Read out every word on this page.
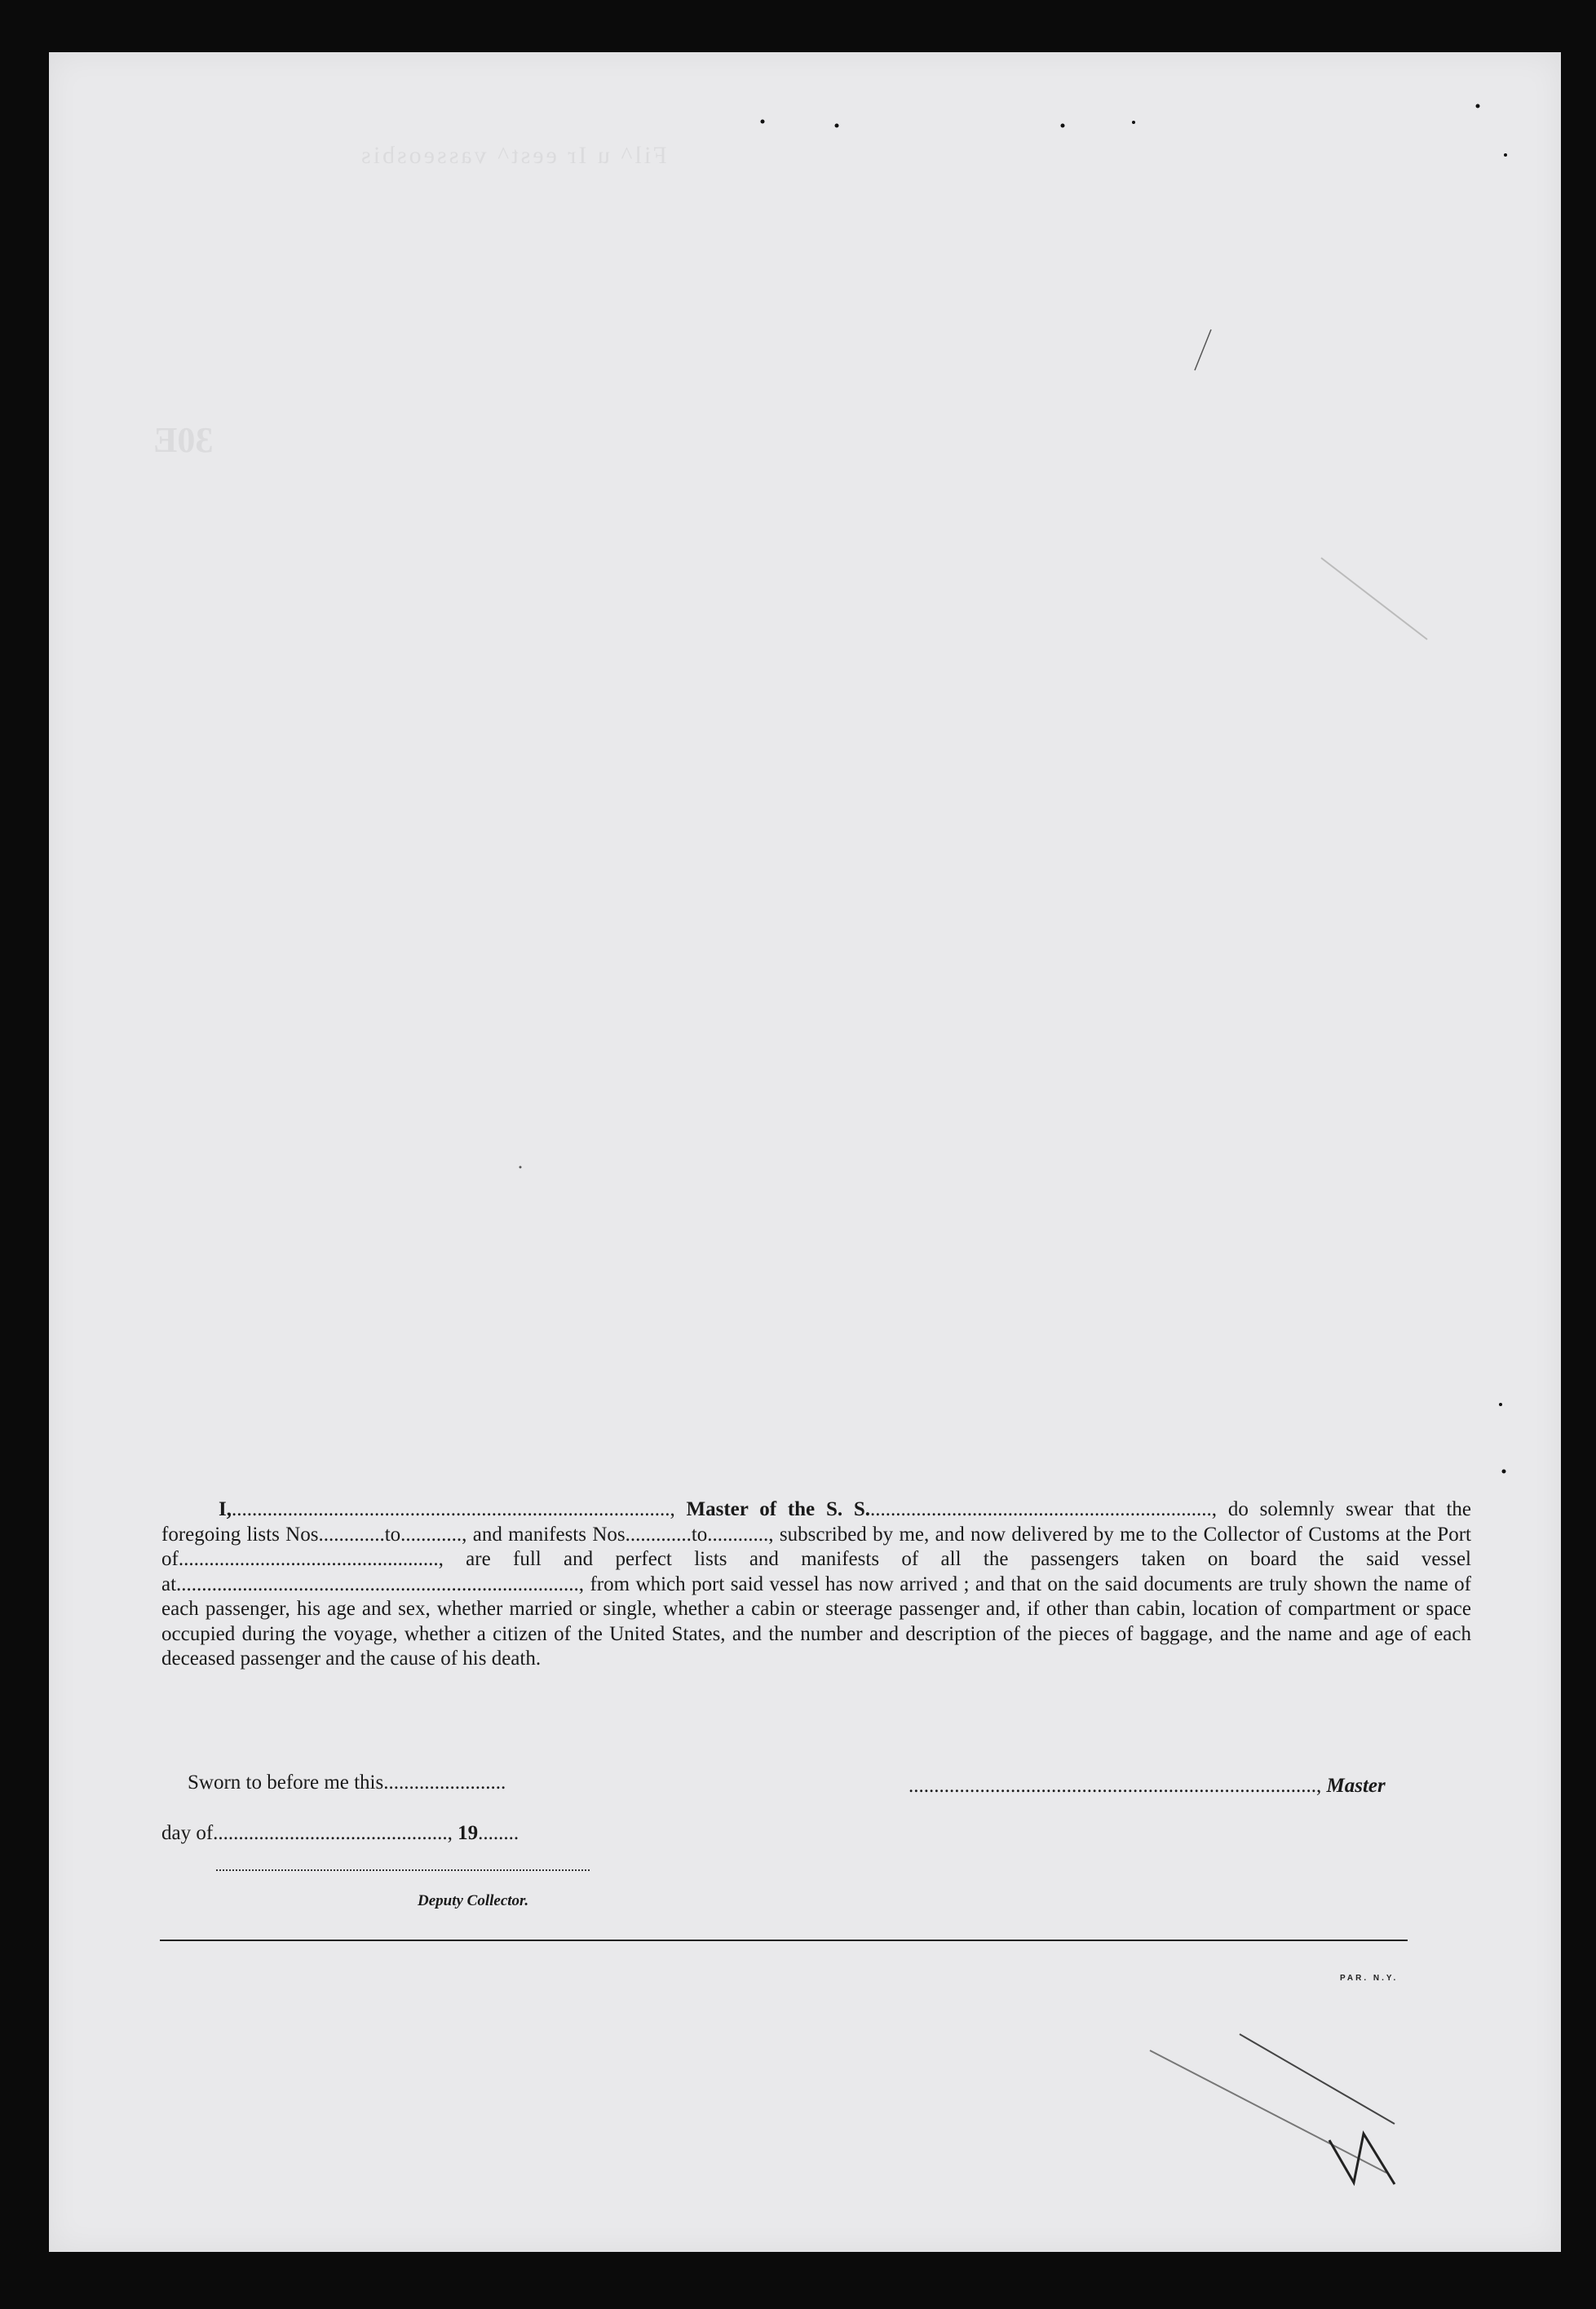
Fil^ u Ir eest^ vasseosbis
30E

I,......................................................................................, Master of the S. S...................................................................., do solemnly swear that the foregoing lists Nos.............to............, and manifests Nos.............to............, subscribed by me, and now delivered by me to the Collector of Customs at the Port of..................................................., are full and perfect lists and manifests of all the passengers taken on board the said vessel at..............................................................................., from which port said vessel has now arrived ; and that on the said documents are truly shown the name of each passenger, his age and sex, whether married or single, whether a cabin or steerage passenger and, if other than cabin, location of compartment or space occupied during the voyage, whether a citizen of the United States, and the number and description of the pieces of baggage, and the name and age of each deceased passenger and the cause of his death.

Sworn to before me this........................	................................................................................, Master
day of.............................................., 19........
Deputy Collector.
PAR. N.Y.
